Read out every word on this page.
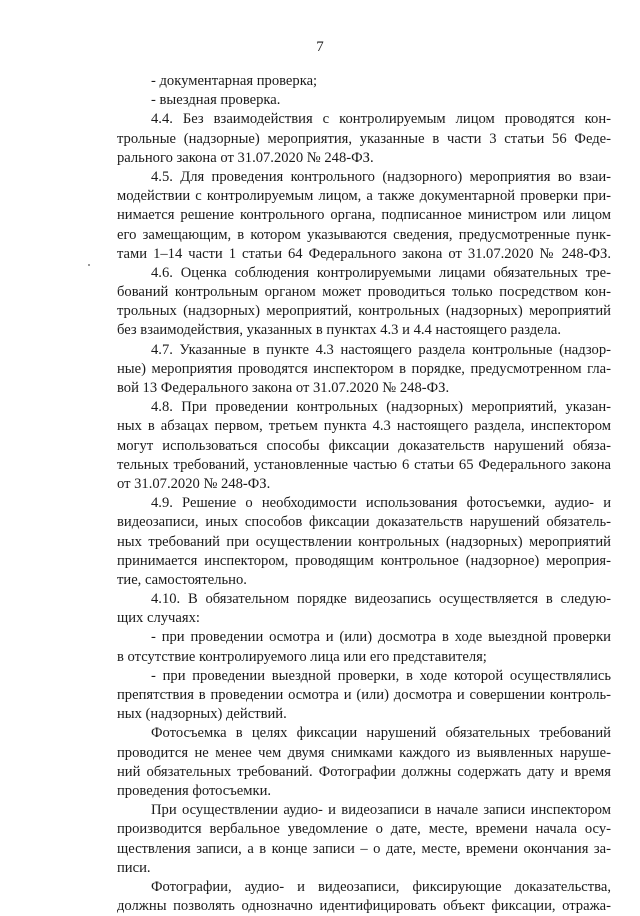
7
- документарная проверка;
- выездная проверка.
4.4. Без взаимодействия с контролируемым лицом проводятся кон-
трольные (надзорные) мероприятия, указанные в части 3 статьи 56 Феде-
рального закона от 31.07.2020 № 248-ФЗ.
4.5. Для проведения контрольного (надзорного) мероприятия во взаи-
модействии с контролируемым лицом, а также документарной проверки при-
нимается решение контрольного органа, подписанное министром или лицом
его замещающим, в котором указываются сведения, предусмотренные пунк-
тами 1–14 части 1 статьи 64 Федерального закона от 31.07.2020 № 248-ФЗ.
4.6. Оценка соблюдения контролируемыми лицами обязательных тре-
бований контрольным органом может проводиться только посредством кон-
трольных (надзорных) мероприятий, контрольных (надзорных) мероприятий
без взаимодействия, указанных в пунктах 4.3 и 4.4 настоящего раздела.
4.7. Указанные в пункте 4.3 настоящего раздела контрольные (надзор-
ные) мероприятия проводятся инспектором в порядке, предусмотренном гла-
вой 13 Федерального закона от 31.07.2020 № 248-ФЗ.
4.8. При проведении контрольных (надзорных) мероприятий, указан-
ных в абзацах первом, третьем пункта 4.3 настоящего раздела, инспектором
могут использоваться способы фиксации доказательств нарушений обяза-
тельных требований, установленные частью 6 статьи 65 Федерального закона
от 31.07.2020 № 248-ФЗ.
4.9. Решение о необходимости использования фотосъемки, аудио- и
видеозаписи, иных способов фиксации доказательств нарушений обязатель-
ных требований при осуществлении контрольных (надзорных) мероприятий
принимается инспектором, проводящим контрольное (надзорное) мероприя-
тие, самостоятельно.
4.10. В обязательном порядке видеозапись осуществляется в следую-
щих случаях:
- при проведении осмотра и (или) досмотра в ходе выездной проверки
в отсутствие контролируемого лица или его представителя;
- при проведении выездной проверки, в ходе которой осуществлялись
препятствия в проведении осмотра и (или) досмотра и совершении контроль-
ных (надзорных) действий.
Фотосъемка в целях фиксации нарушений обязательных требований
проводится не менее чем двумя снимками каждого из выявленных наруше-
ний обязательных требований. Фотографии должны содержать дату и время
проведения фотосъемки.
При осуществлении аудио- и видеозаписи в начале записи инспектором
производится вербальное уведомление о дате, месте, времени начала осу-
ществления записи, а в конце записи – о дате, месте, времени окончания за-
писи.
Фотографии, аудио- и видеозаписи, фиксирующие доказательства,
должны позволять однозначно идентифицировать объект фиксации, отража-
